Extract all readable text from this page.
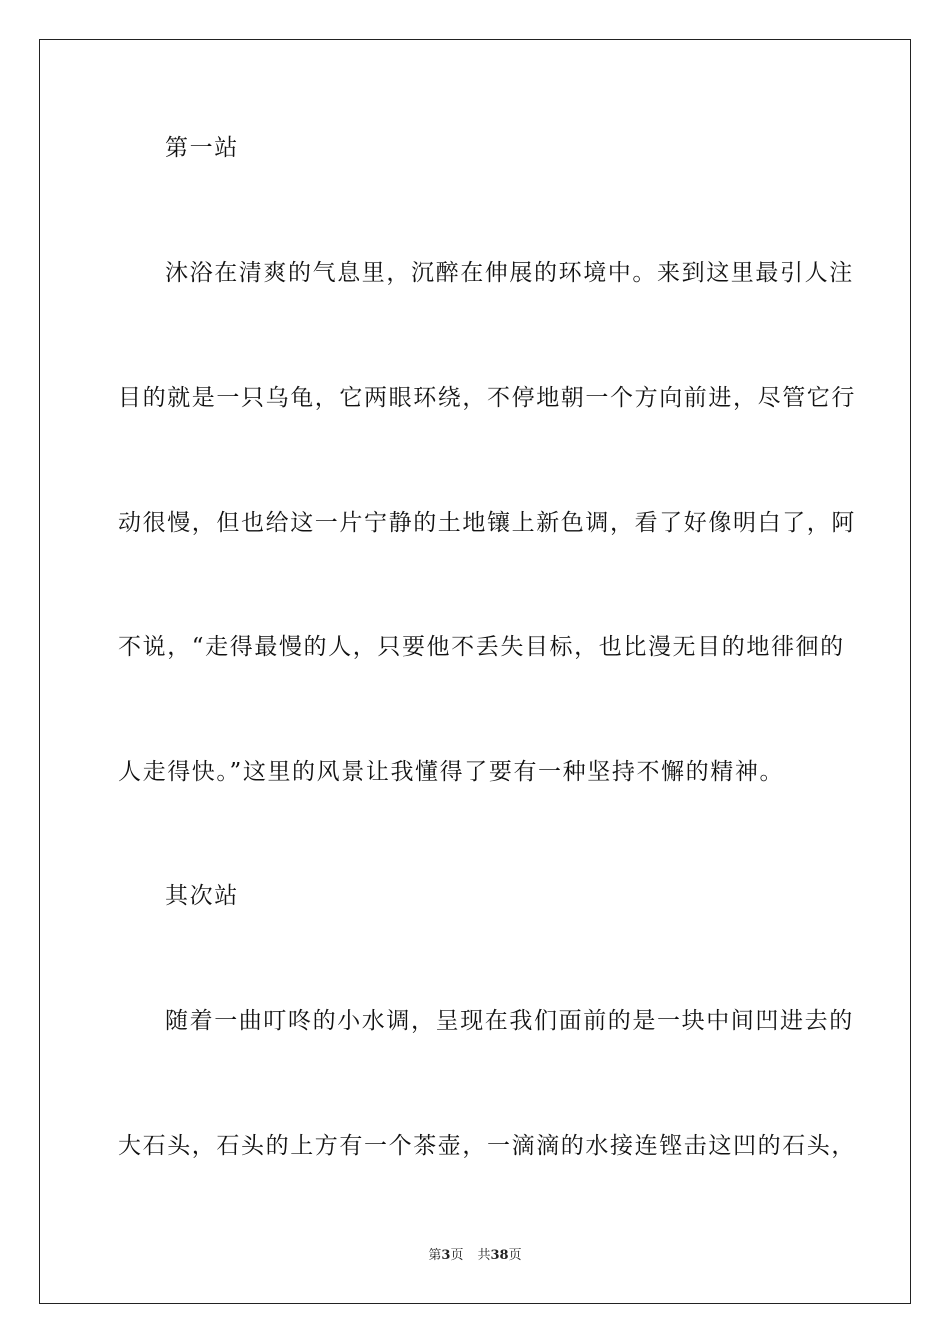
第一站
沐浴在清爽的气息里，沉醉在伸展的环境中。来到这里最引人注
目的就是一只乌龟，它两眼环绕，不停地朝一个方向前进，尽管它行
动很慢，但也给这一片宁静的土地镶上新色调，看了好像明白了，阿
不说，“走得最慢的人，只要他不丢失目标，也比漫无目的地徘徊的
人走得快。”这里的风景让我懂得了要有一种坚持不懈的精神。
其次站
随着一曲叮咚的小水调，呈现在我们面前的是一块中间凹进去的
大石头，石头的上方有一个茶壶，一滴滴的水接连铿击这凹的石头，
第3页 共38页
